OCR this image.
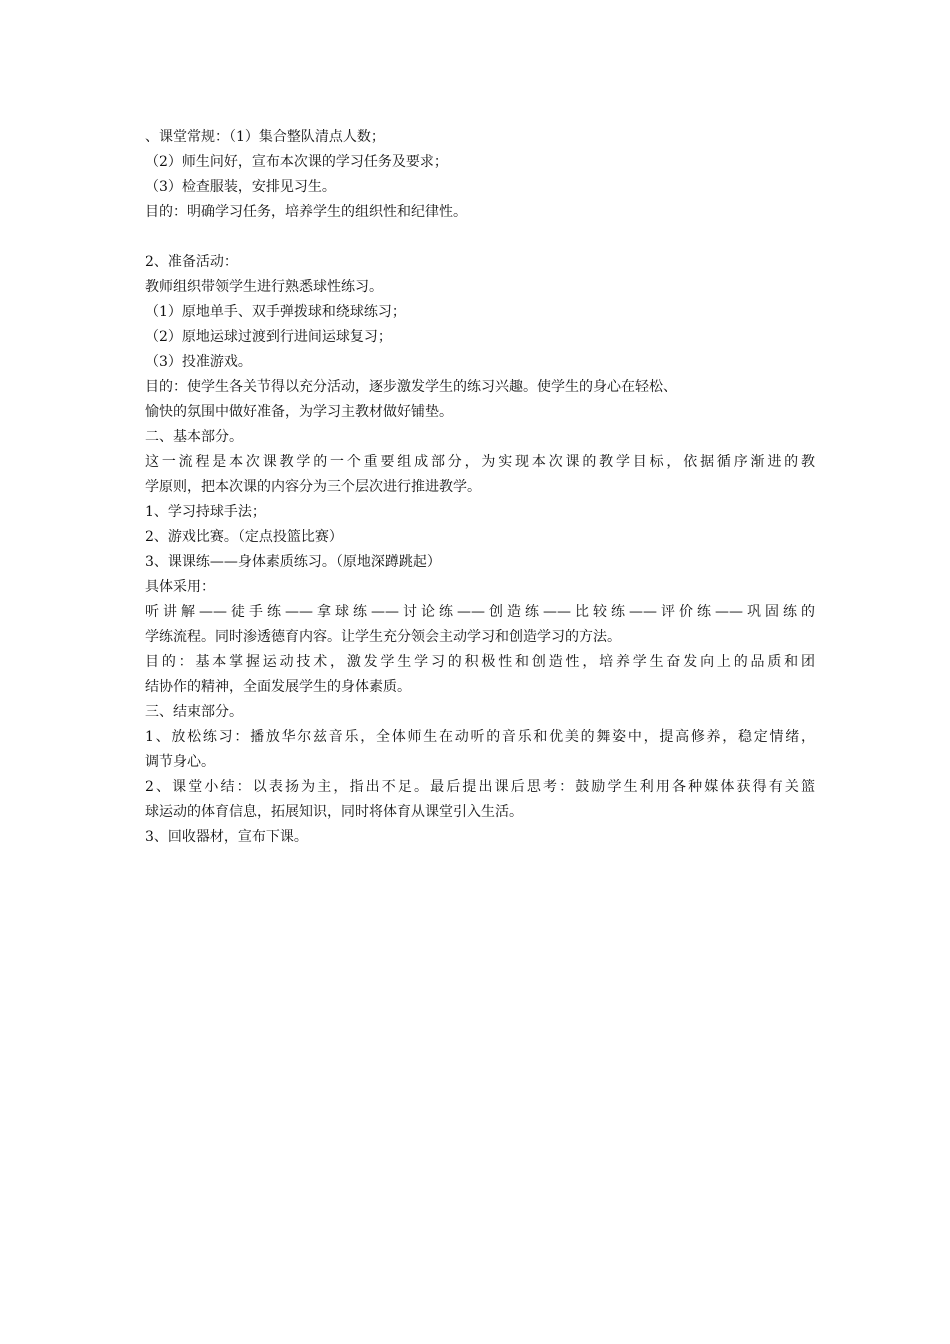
、课堂常规：（1）集合整队清点人数；
（2）师生问好，宣布本次课的学习任务及要求；
（3）检查服装，安排见习生。
目的：明确学习任务，培养学生的组织性和纪律性。
2、准备活动：
教师组织带领学生进行熟悉球性练习。
（1）原地单手、双手弹拨球和绕球练习；
（2）原地运球过渡到行进间运球复习；
（3）投准游戏。
目的：使学生各关节得以充分活动，逐步激发学生的练习兴趣。使学生的身心在轻松、
愉快的氛围中做好准备，为学习主教材做好铺垫。
二、基本部分。
这一流程是本次课教学的一个重要组成部分，为实现本次课的教学目标，依据循序渐进的教
学原则，把本次课的内容分为三个层次进行推进教学。
1、学习持球手法；
2、游戏比赛。（定点投篮比赛）
3、课课练——身体素质练习。（原地深蹲跳起）
具体采用：
听讲解——徒手练——拿球练——讨论练——创造练——比较练——评价练——巩固练的
学练流程。同时渗透德育内容。让学生充分领会主动学习和创造学习的方法。
目的：基本掌握运动技术，激发学生学习的积极性和创造性，培养学生奋发向上的品质和团
结协作的精神，全面发展学生的身体素质。
三、结束部分。
1、放松练习：播放华尔兹音乐，全体师生在动听的音乐和优美的舞姿中，提高修养，稳定情绪，
调节身心。
2、课堂小结：以表扬为主，指出不足。最后提出课后思考：鼓励学生利用各种媒体获得有关篮
球运动的体育信息，拓展知识，同时将体育从课堂引入生活。
3、回收器材，宣布下课。
